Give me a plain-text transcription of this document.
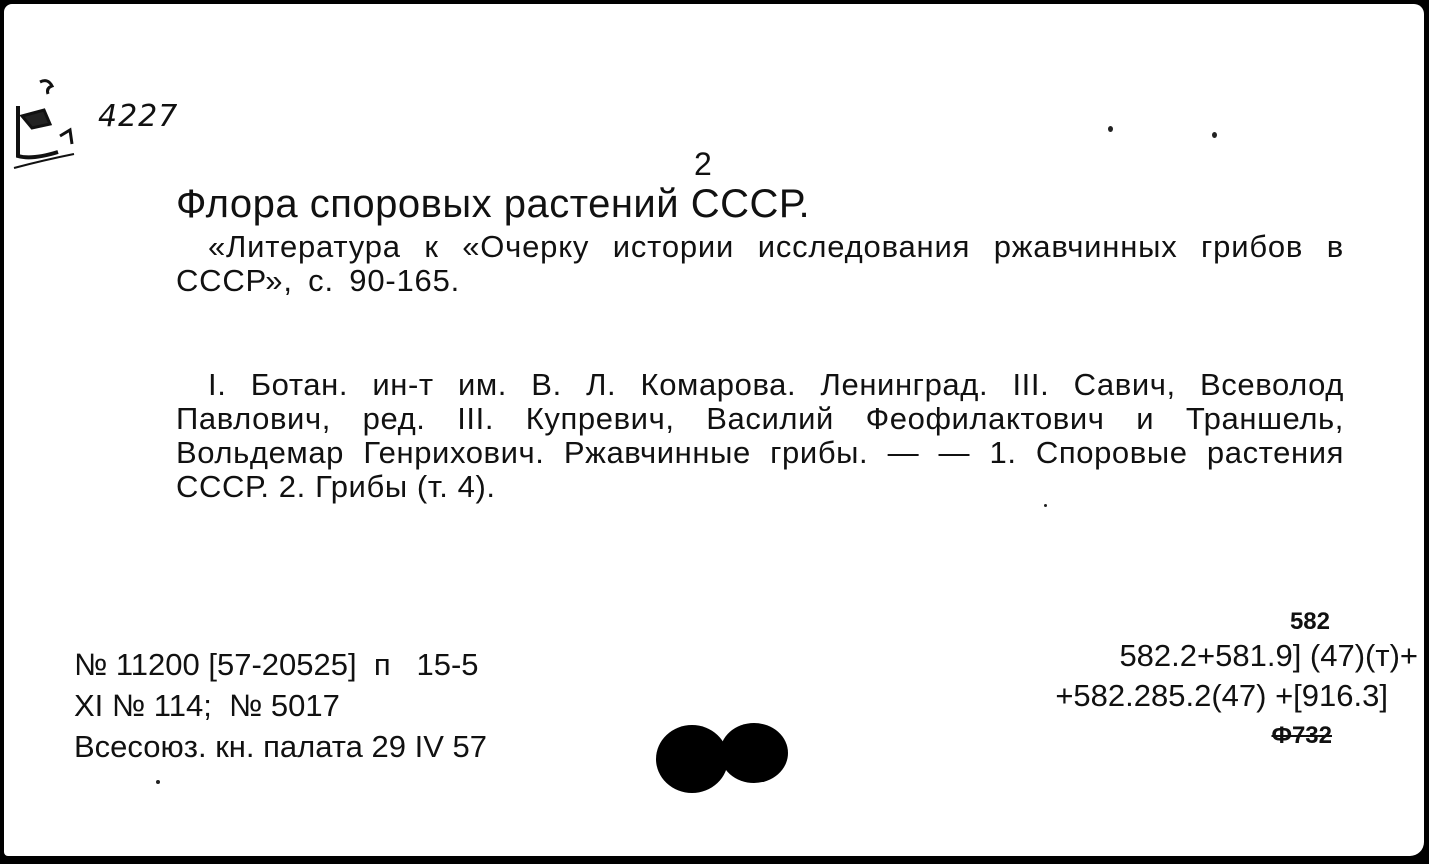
4227
2
Флора споровых растений СССР.
«Литература к «Очерку истории исследования ржавчинных грибов в СССР», с. 90-165.
I. Ботан. ин-т им. В. Л. Комарова. Ленинград. III. Савич, Всеволод Павлович, ред. III. Купревич, Василий Феофилактович и Траншель, Вольдемар Генрихович. Ржавчинные грибы. — — 1. Споровые растения СССР. 2. Грибы (т. 4).
№ 11200 [57-20525]  п   15-5
XI № 114;  № 5017
Всесоюз. кн. палата 29 IV 57
582
582.2+581.9] (47)(т)+
+582.285.2(47) +[916.3]
Ф732
